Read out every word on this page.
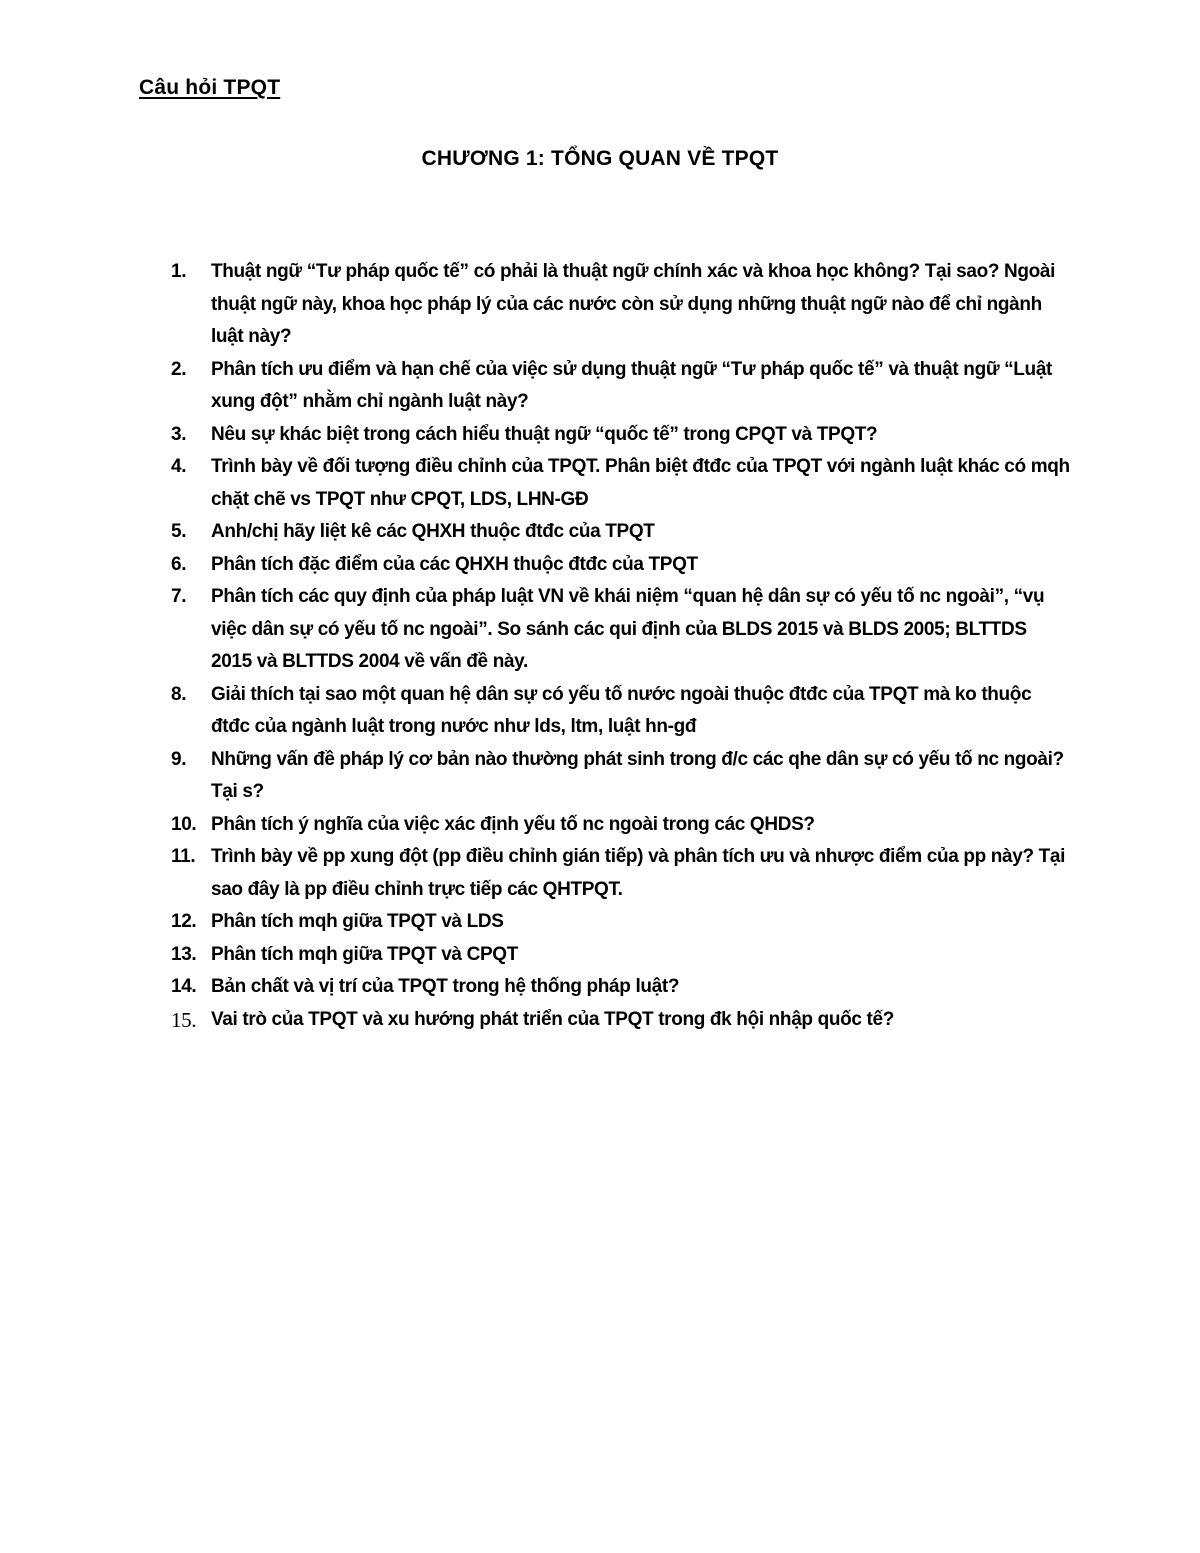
Câu hỏi TPQT
CHƯƠNG 1: TỔNG QUAN VỀ TPQT
1.	Thuật ngữ “Tư pháp quốc tế” có phải là thuật ngữ chính xác và khoa học không? Tại sao? Ngoài thuật ngữ này, khoa học pháp lý của các nước còn sử dụng những thuật ngữ nào để chỉ ngành luật này?
2.	Phân tích ưu điểm và hạn chế của việc sử dụng thuật ngữ “Tư pháp quốc tế” và thuật ngữ “Luật xung đột” nhằm chỉ ngành luật này?
3.	Nêu sự khác biệt trong cách hiểu thuật ngữ “quốc tế” trong CPQT và TPQT?
4.	Trình bày về đối tượng điều chỉnh của TPQT. Phân biệt đtđc của TPQT với ngành luật khác có mqh chặt chẽ vs TPQT như CPQT, LDS, LHN-GĐ
5.	Anh/chị hãy liệt kê các QHXH thuộc đtđc của TPQT
6.	Phân tích đặc điểm của các QHXH thuộc đtđc của TPQT
7.	Phân tích các quy định của pháp luật VN về khái niệm “quan hệ dân sự có yếu tố nc ngoài”, “vụ việc dân sự có yếu tố nc ngoài”. So sánh các qui định của BLDS 2015 và BLDS 2005; BLTTDS 2015 và BLTTDS 2004 về vấn đề này.
8.	Giải thích tại sao một quan hệ dân sự có yếu tố nước ngoài thuộc đtđc của TPQT mà ko thuộc đtđc của ngành luật trong nước như lds, ltm, luật hn-gđ
9.	Những vấn đề pháp lý cơ bản nào thường phát sinh trong đ/c các qhe dân sự có yếu tố nc ngoài? Tại s?
10. Phân tích ý nghĩa của việc xác định yếu tố nc ngoài trong các QHDS?
11. Trình bày về pp xung đột (pp điều chỉnh gián tiếp) và phân tích ưu và nhược điểm của pp này? Tại sao đây là pp điều chỉnh trực tiếp các QHTPQT.
12. Phân tích mqh giữa TPQT và LDS
13. Phân tích mqh giữa TPQT và CPQT
14. Bản chất và vị trí của TPQT trong hệ thống pháp luật?
15. Vai trò của TPQT và xu hướng phát triển của TPQT trong đk hội nhập quốc tế?
